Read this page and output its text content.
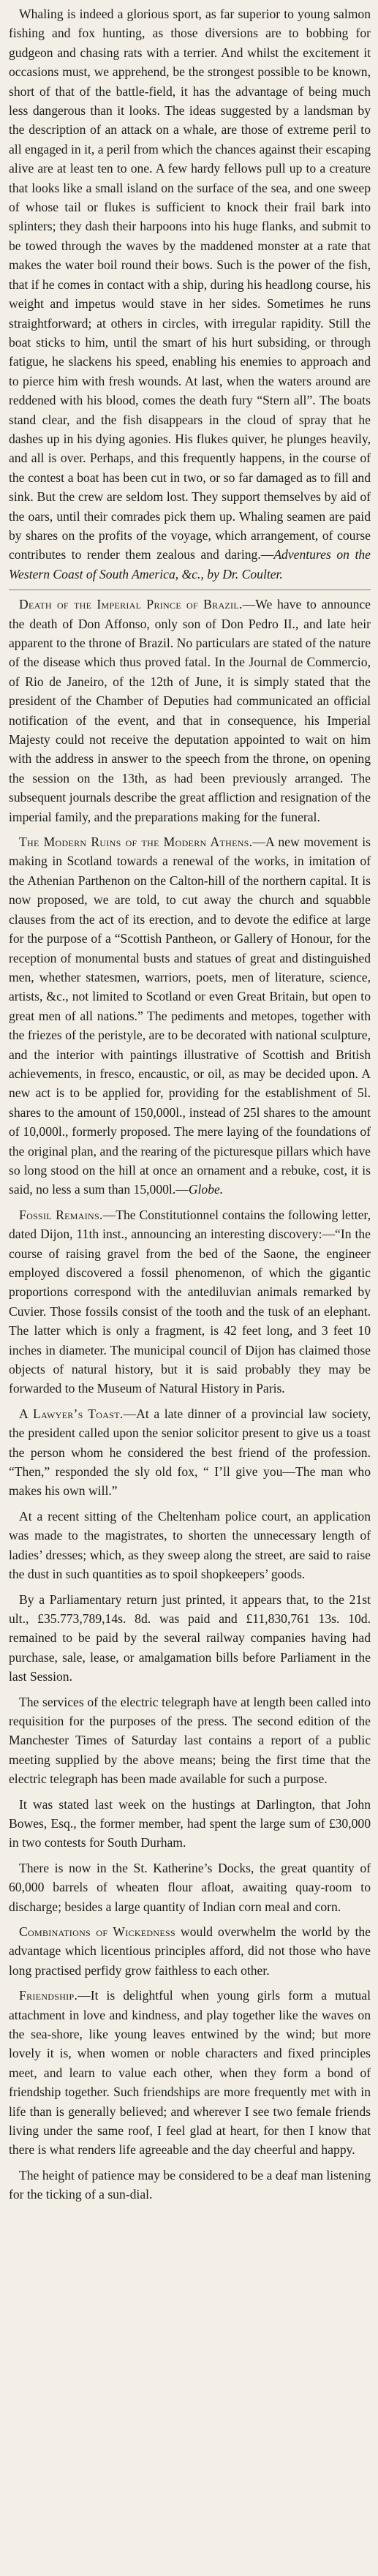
Whaling is indeed a glorious sport, as far superior to young salmon fishing and fox hunting, as those diversions are to bobbing for gudgeon and chasing rats with a terrier. And whilst the excitement it occasions must, we apprehend, be the strongest possible to be known, short of that of the battle-field, it has the advantage of being much less dangerous than it looks. The ideas suggested by a landsman by the description of an attack on a whale, are those of extreme peril to all engaged in it, a peril from which the chances against their escaping alive are at least ten to one. A few hardy fellows pull up to a creature that looks like a small island on the surface of the sea, and one sweep of whose tail or flukes is sufficient to knock their frail bark into splinters; they dash their harpoons into his huge flanks, and submit to be towed through the waves by the maddened monster at a rate that makes the water boil round their bows. Such is the power of the fish, that if he comes in contact with a ship, during his headlong course, his weight and impetus would stave in her sides. Sometimes he runs straightforward; at others in circles, with irregular rapidity. Still the boat sticks to him, until the smart of his hurt subsiding, or through fatigue, he slackens his speed, enabling his enemies to approach and to pierce him with fresh wounds. At last, when the waters around are reddened with his blood, comes the death fury “Stern all”. The boats stand clear, and the fish disappears in the cloud of spray that he dashes up in his dying agonies. His flukes quiver, he plunges heavily, and all is over. Perhaps, and this frequently happens, in the course of the contest a boat has been cut in two, or so far damaged as to fill and sink. But the crew are seldom lost. They support themselves by aid of the oars, until their comrades pick them up. Whaling seamen are paid by shares on the profits of the voyage, which arrangement, of course contributes to render them zealous and daring.—Adventures on the Western Coast of South America, &c., by Dr. Coulter.

Death of the Imperial Prince of Brazil.—We have to announce the death of Don Affonso, only son of Don Pedro II., and late heir apparent to the throne of Brazil. No particulars are stated of the nature of the disease which thus proved fatal. In the Journal de Commercio, of Rio de Janeiro, of the 12th of June, it is simply stated that the president of the Chamber of Deputies had communicated an official notification of the event, and that in consequence, his Imperial Majesty could not receive the deputation appointed to wait on him with the address in answer to the speech from the throne, on opening the session on the 13th, as had been previously arranged. The subsequent journals describe the great affliction and resignation of the imperial family, and the preparations making for the funeral.

The Modern Ruins of the Modern Athens.—A new movement is making in Scotland towards a renewal of the works, in imitation of the Athenian Parthenon on the Calton-hill of the northern capital. It is now proposed, we are told, to cut away the church and squabble clauses from the act of its erection, and to devote the edifice at large for the purpose of a “Scottish Pantheon, or Gallery of Honour, for the reception of monumental busts and statues of great and distinguished men, whether statesmen, warriors, poets, men of literature, science, artists, &c., not limited to Scotland or even Great Britain, but open to great men of all nations.” The pediments and metopes, together with the friezes of the peristyle, are to be decorated with national sculpture, and the interior with paintings illustrative of Scottish and British achievements, in fresco, encaustic, or oil, as may be decided upon. A new act is to be applied for, providing for the establishment of 5l. shares to the amount of 150,000l., instead of 25l shares to the amount of 10,000l., formerly proposed. The mere laying of the foundations of the original plan, and the rearing of the picturesque pillars which have so long stood on the hill at once an ornament and a rebuke, cost, it is said, no less a sum than 15,000l.—Globe.

Fossil Remains.—The Constitutionnel contains the following letter, dated Dijon, 11th inst., announcing an interesting discovery:—“In the course of raising gravel from the bed of the Saone, the engineer employed discovered a fossil phenomenon, of which the gigantic proportions correspond with the antediluvian animals remarked by Cuvier. Those fossils consist of the tooth and the tusk of an elephant. The latter which is only a fragment, is 42 feet long, and 3 feet 10 inches in diameter. The municipal council of Dijon has claimed those objects of natural history, but it is said probably they may be forwarded to the Museum of Natural History in Paris.

A Lawyer’s Toast.—At a late dinner of a provincial law society, the president called upon the senior solicitor present to give us a toast the person whom he considered the best friend of the profession. “Then,” responded the sly old fox, “ I’ll give you—The man who makes his own will.”

At a recent sitting of the Cheltenham police court, an application was made to the magistrates, to shorten the unnecessary length of ladies’ dresses; which, as they sweep along the street, are said to raise the dust in such quantities as to spoil shopkeepers’ goods.

By a Parliamentary return just printed, it appears that, to the 21st ult., £35.773,789,14s. 8d. was paid and £11,830,761 13s. 10d. remained to be paid by the several railway companies having had purchase, sale, lease, or amalgamation bills before Parliament in the last Session.

The services of the electric telegraph have at length been called into requisition for the purposes of the press. The second edition of the Manchester Times of Saturday last contains a report of a public meeting supplied by the above means; being the first time that the electric telegraph has been made available for such a purpose.

It was stated last week on the hustings at Darlington, that John Bowes, Esq., the former member, had spent the large sum of £30,000 in two contests for South Durham.

There is now in the St. Katherine’s Docks, the great quantity of 60,000 barrels of wheaten flour afloat, awaiting quay-room to discharge; besides a large quantity of Indian corn meal and corn.

Combinations of Wickedness would overwhelm the world by the advantage which licentious principles afford, did not those who have long practised perfidy grow faithless to each other.

Friendship.—It is delightful when young girls form a mutual attachment in love and kindness, and play together like the waves on the sea-shore, like young leaves entwined by the wind; but more lovely it is, when women or noble characters and fixed principles meet, and learn to value each other, when they form a bond of friendship together. Such friendships are more frequently met with in life than is generally believed; and wherever I see two female friends living under the same roof, I feel glad at heart, for then I know that there is what renders life agreeable and the day cheerful and happy.

The height of patience may be considered to be a deaf man listening for the ticking of a sun-dial.
